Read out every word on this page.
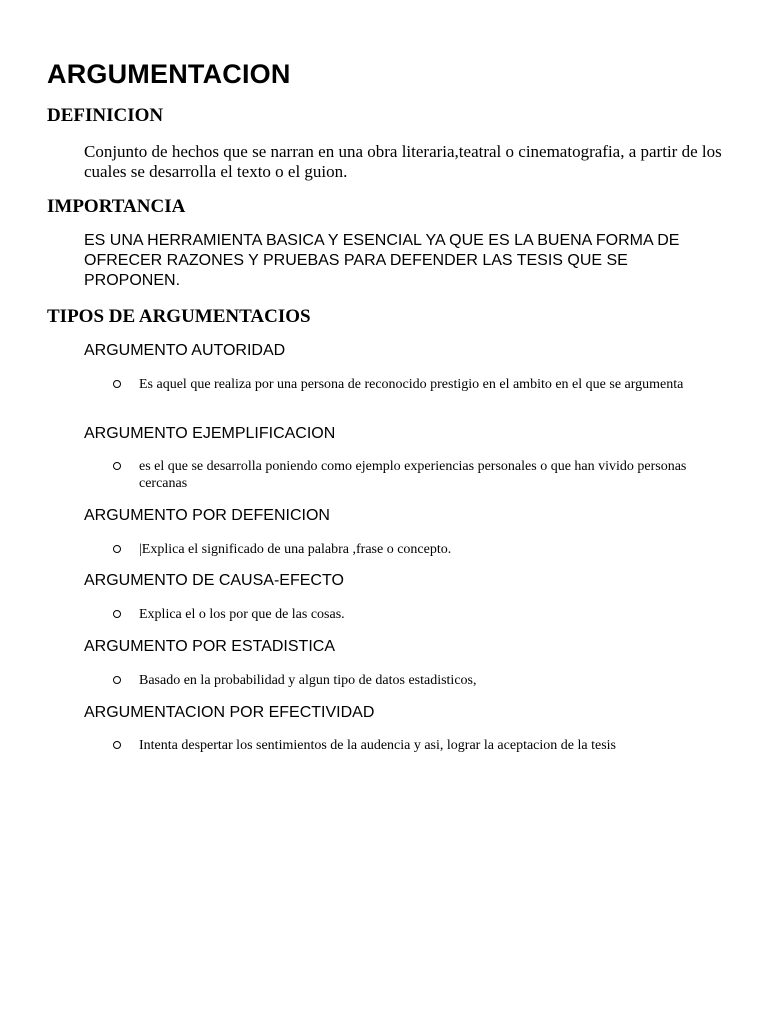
ARGUMENTACION
DEFINICION

Conjunto de hechos que se narran en una obra literaria,teatral o cinematografia, a partir de los cuales se desarrolla el texto o el guion.

IMPORTANCIA

ES UNA HERRAMIENTA BASICA Y ESENCIAL YA QUE ES LA BUENA FORMA DE OFRECER RAZONES Y PRUEBAS PARA DEFENDER LAS TESIS QUE SE PROPONEN.

TIPOS DE ARGUMENTACIOS

ARGUMENTO AUTORIDAD

Es aquel que realiza por una persona de reconocido prestigio en el ambito en el que se argumenta

ARGUMENTO EJEMPLIFICACION

es el que se desarrolla poniendo como ejemplo experiencias personales o que han vivido personas cercanas

ARGUMENTO POR DEFENICION

|Explica el significado de una palabra ,frase o concepto.

ARGUMENTO DE CAUSA-EFECTO

Explica el o los por que de las cosas.

ARGUMENTO POR ESTADISTICA

Basado en la probabilidad y algun tipo de datos estadisticos,

ARGUMENTACION POR EFECTIVIDAD

Intenta despertar los sentimientos de la audencia y asi, lograr la aceptacion de la tesis
